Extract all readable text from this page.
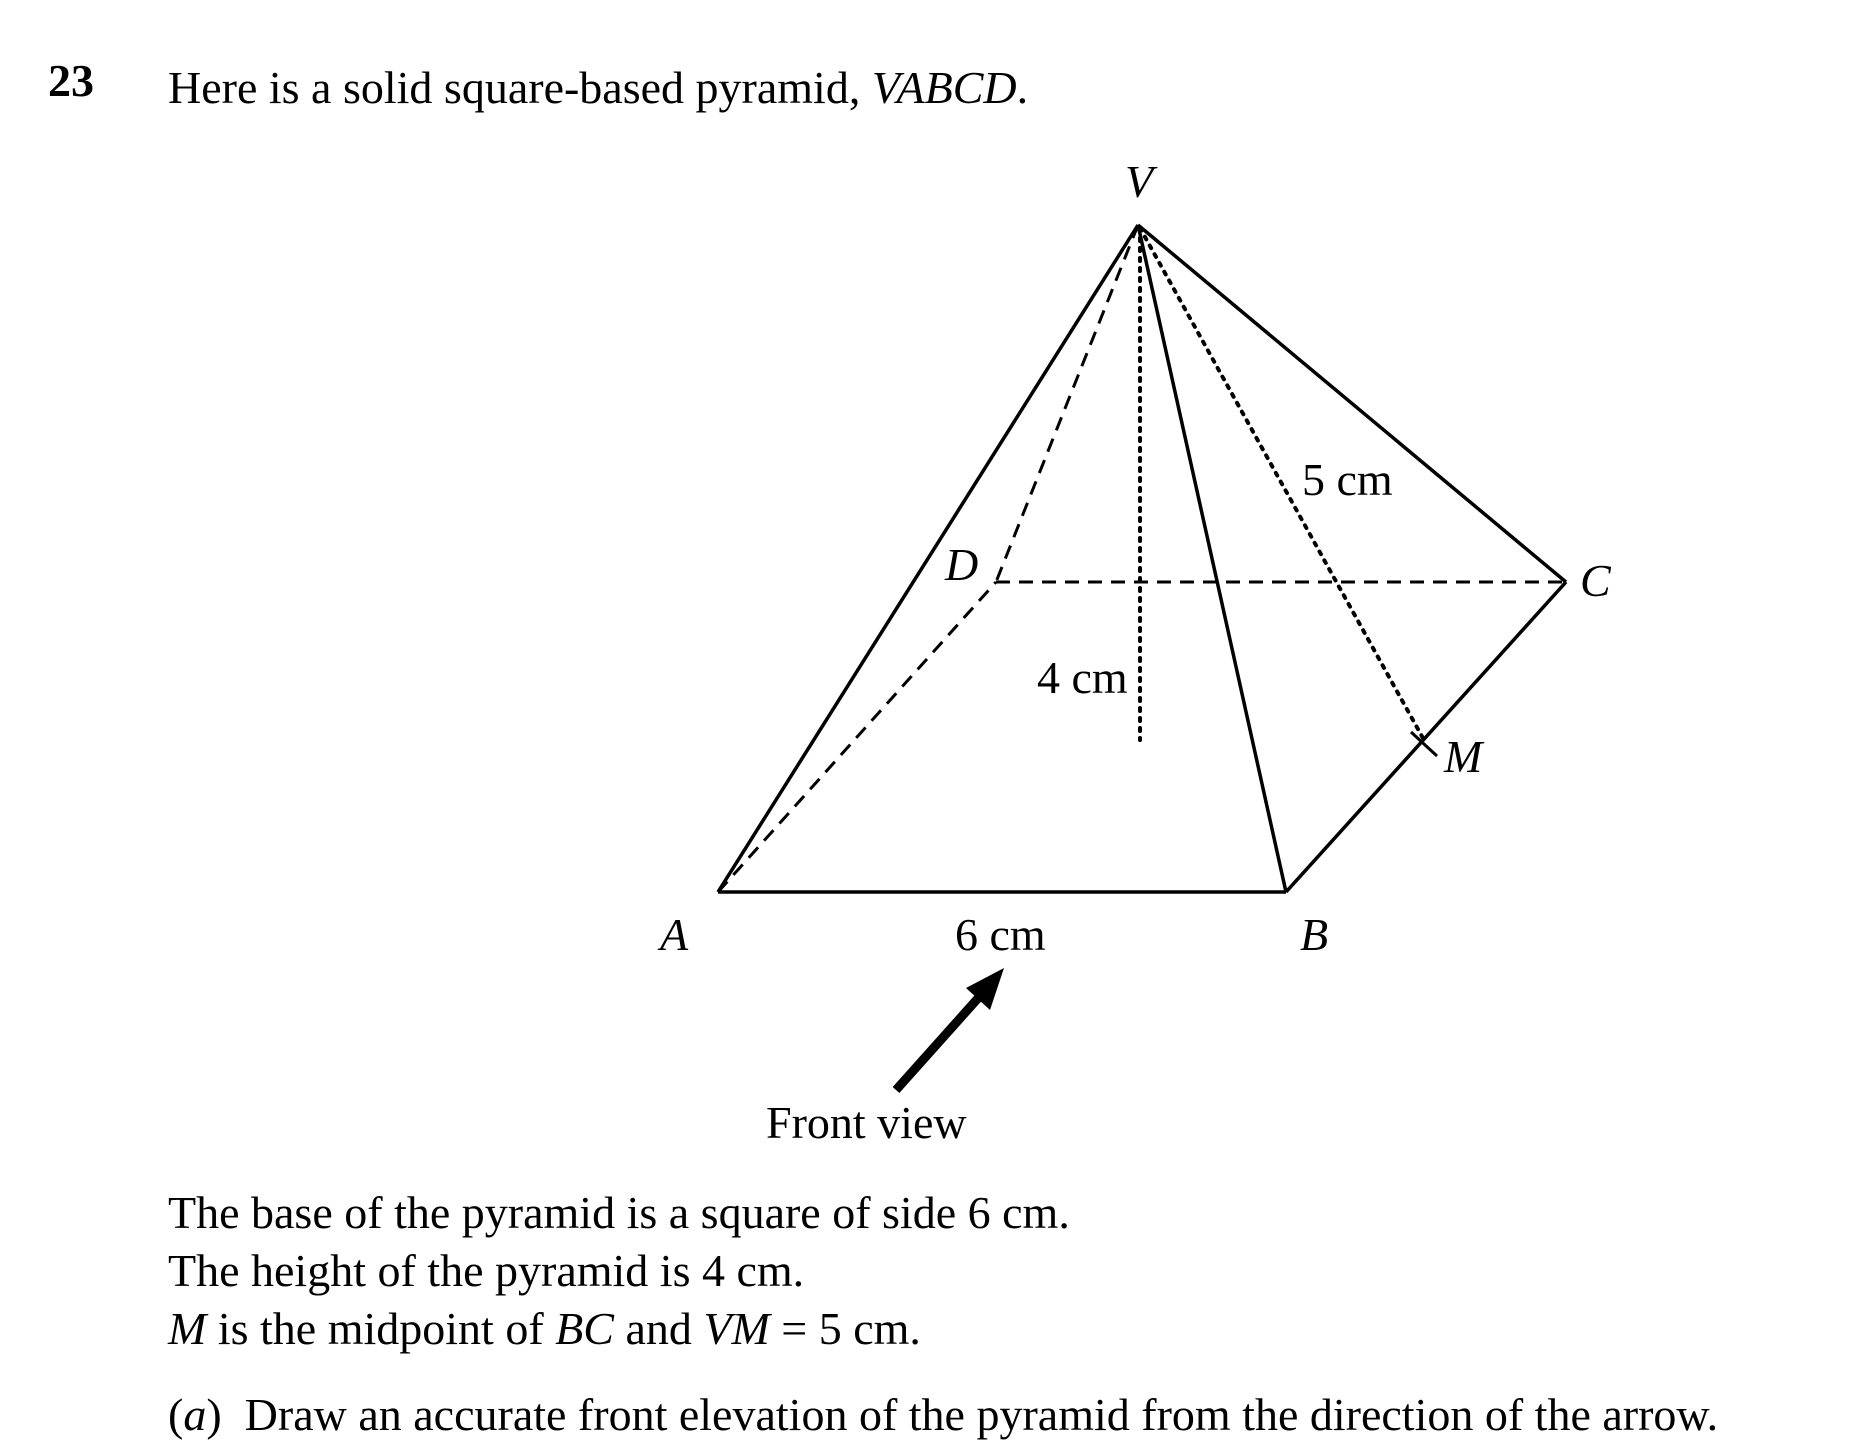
23 Here is a solid square-based pyramid, VABCD.
V
D	C
M
A	B
5 cm
4 cm
6 cm
Front view
The base of the pyramid is a square of side 6 cm.
The height of the pyramid is 4 cm.
M is the midpoint of BC and VM = 5 cm.
(a)  Draw an accurate front elevation of the pyramid from the direction of the arrow.
